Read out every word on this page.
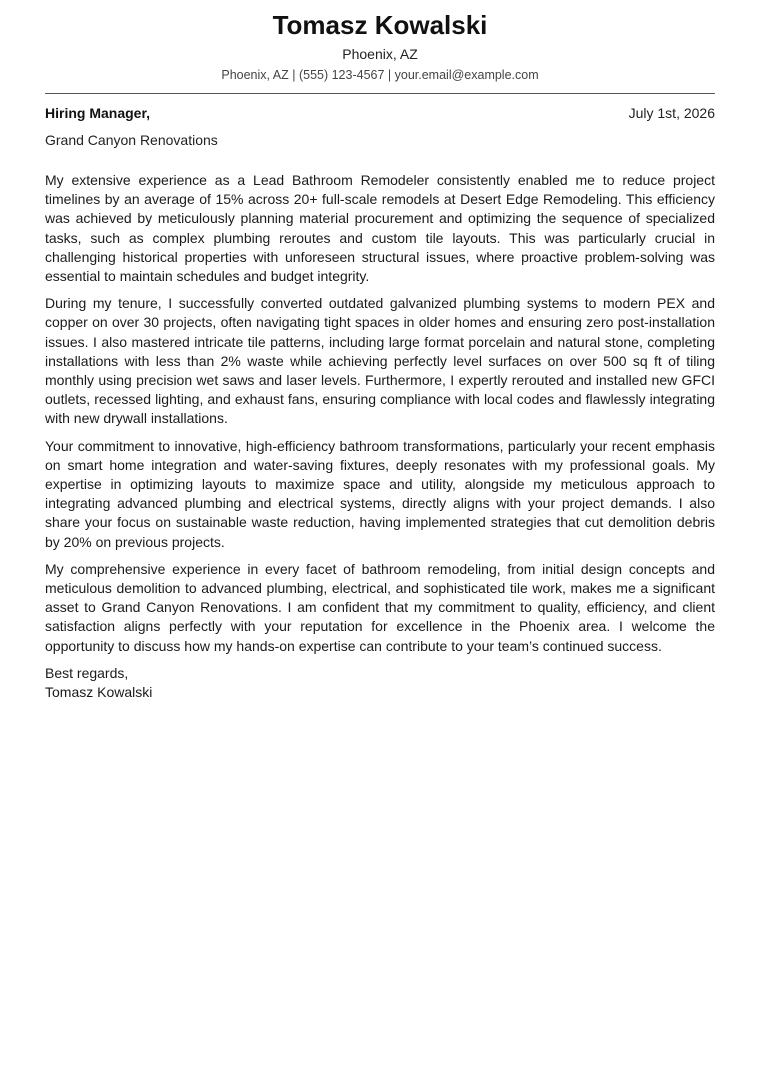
Tomasz Kowalski
Phoenix, AZ
Phoenix, AZ | (555) 123-4567 | your.email@example.com
Hiring Manager,	July 1st, 2026
Grand Canyon Renovations

My extensive experience as a Lead Bathroom Remodeler consistently enabled me to reduce project timelines by an average of 15% across 20+ full-scale remodels at Desert Edge Remodeling. This efficiency was achieved by meticulously planning material procurement and optimizing the sequence of specialized tasks, such as complex plumbing reroutes and custom tile layouts. This was particularly crucial in challenging historical properties with unforeseen structural issues, where proactive problem-solving was essential to maintain schedules and budget integrity.

During my tenure, I successfully converted outdated galvanized plumbing systems to modern PEX and copper on over 30 projects, often navigating tight spaces in older homes and ensuring zero post-installation issues. I also mastered intricate tile patterns, including large format porcelain and natural stone, completing installations with less than 2% waste while achieving perfectly level surfaces on over 500 sq ft of tiling monthly using precision wet saws and laser levels. Furthermore, I expertly rerouted and installed new GFCI outlets, recessed lighting, and exhaust fans, ensuring compliance with local codes and flawlessly integrating with new drywall installations.

Your commitment to innovative, high-efficiency bathroom transformations, particularly your recent emphasis on smart home integration and water-saving fixtures, deeply resonates with my professional goals. My expertise in optimizing layouts to maximize space and utility, alongside my meticulous approach to integrating advanced plumbing and electrical systems, directly aligns with your project demands. I also share your focus on sustainable waste reduction, having implemented strategies that cut demolition debris by 20% on previous projects.

My comprehensive experience in every facet of bathroom remodeling, from initial design concepts and meticulous demolition to advanced plumbing, electrical, and sophisticated tile work, makes me a significant asset to Grand Canyon Renovations. I am confident that my commitment to quality, efficiency, and client satisfaction aligns perfectly with your reputation for excellence in the Phoenix area. I welcome the opportunity to discuss how my hands-on expertise can contribute to your team’s continued success.

Best regards,
Tomasz Kowalski
